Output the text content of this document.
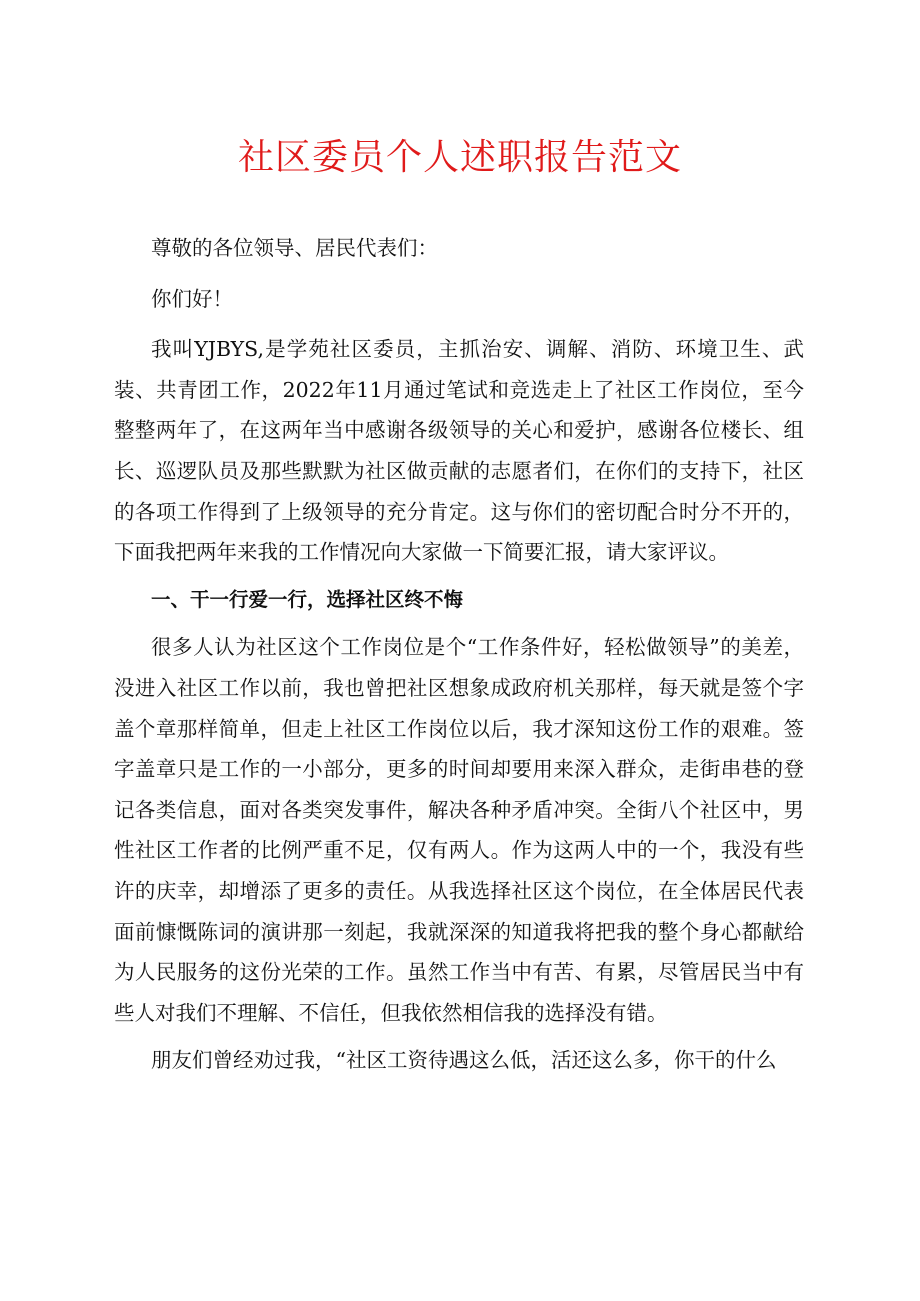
社区委员个人述职报告范文

尊敬的各位领导、居民代表们：

你们好！

我叫YJBYS,是学苑社区委员，主抓治安、调解、消防、环境卫生、武装、共青团工作，2022年11月通过笔试和竞选走上了社区工作岗位，至今整整两年了，在这两年当中感谢各级领导的关心和爱护，感谢各位楼长、组长、巡逻队员及那些默默为社区做贡献的志愿者们，在你们的支持下，社区的各项工作得到了上级领导的充分肯定。这与你们的密切配合时分不开的，下面我把两年来我的工作情况向大家做一下简要汇报，请大家评议。

一、干一行爱一行，选择社区终不悔

很多人认为社区这个工作岗位是个“工作条件好，轻松做领导”的美差，没进入社区工作以前，我也曾把社区想象成政府机关那样，每天就是签个字盖个章那样简单，但走上社区工作岗位以后，我才深知这份工作的艰难。签字盖章只是工作的一小部分，更多的时间却要用来深入群众，走街串巷的登记各类信息，面对各类突发事件，解决各种矛盾冲突。全街八个社区中，男性社区工作者的比例严重不足，仅有两人。作为这两人中的一个，我没有些许的庆幸，却增添了更多的责任。从我选择社区这个岗位，在全体居民代表面前慷慨陈词的演讲那一刻起，我就深深的知道我将把我的整个身心都献给为人民服务的这份光荣的工作。虽然工作当中有苦、有累，尽管居民当中有些人对我们不理解、不信任，但我依然相信我的选择没有错。

朋友们曾经劝过我，“社区工资待遇这么低，活还这么多，你干的什么
